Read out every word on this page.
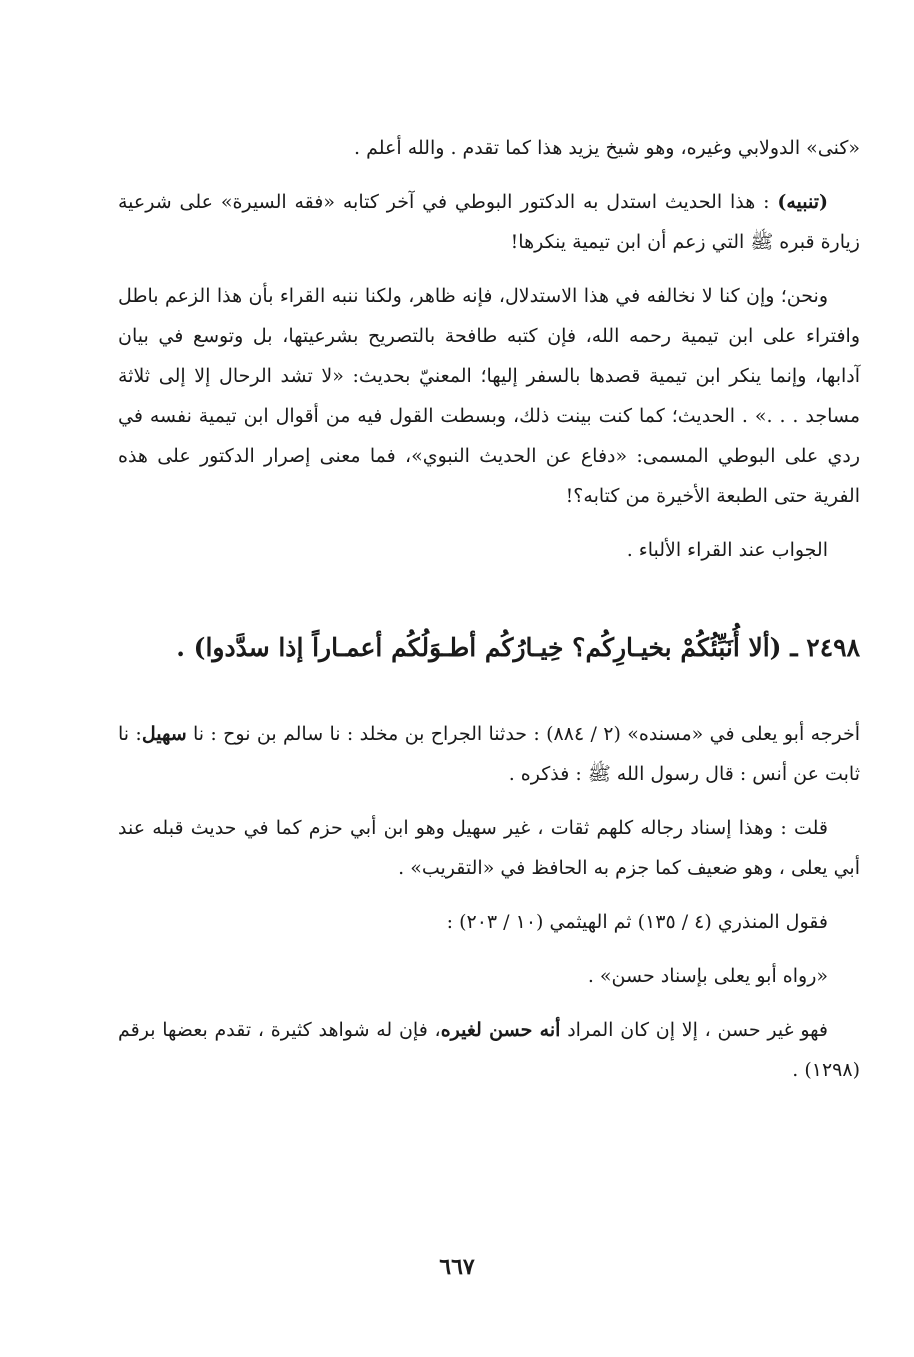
«كنى» الدولابي وغيره، وهو شيخ يزيد هذا كما تقدم . والله أعلم .

(تنبيه) : هذا الحديث استدل به الدكتور البوطي في آخر كتابه «فقه السيرة» على شرعية زيارة قبره ﷺ التي زعم أن ابن تيمية ينكرها!

ونحن؛ وإن كنا لا نخالفه في هذا الاستدلال، فإنه ظاهر، ولكنا ننبه القراء بأن هذا الزعم باطل وافتراء على ابن تيمية رحمه الله، فإن كتبه طافحة بالتصريح بشرعيتها، بل وتوسع في بيان آدابها، وإنما ينكر ابن تيمية قصدها بالسفر إليها؛ المعنيّ بحديث: «لا تشد الرحال إلا إلى ثلاثة مساجد . . .» . الحديث؛ كما كنت بينت ذلك، وبسطت القول فيه من أقوال ابن تيمية نفسه في ردي على البوطي المسمى: «دفاع عن الحديث النبوي»، فما معنى إصرار الدكتور على هذه الفرية حتى الطبعة الأخيرة من كتابه؟!

الجواب عند القراء الألباء .

٢٤٩٨ ـ (ألا أُنَبِّئُكُمْ بخيـارِكُم؟ خِيـارُكُم أطـوَلُكُم أعمـاراً إذا سدَّدوا) .

أخرجه أبو يعلى في «مسنده» (٢ / ٨٨٤) : حدثنا الجراح بن مخلد : نا سالم بن نوح : نا سهيل: نا ثابت عن أنس : قال رسول الله ﷺ : فذكره .

قلت : وهذا إسناد رجاله كلهم ثقات ، غير سهيل وهو ابن أبي حزم كما في حديث قبله عند أبي يعلى ، وهو ضعيف كما جزم به الحافظ في «التقريب» .

فقول المنذري (٤ / ١٣٥) ثم الهيثمي (١٠ / ٢٠٣) :

«رواه أبو يعلى بإسناد حسن» .

فهو غير حسن ، إلا إن كان المراد أنه حسن لغيره، فإن له شواهد كثيرة ، تقدم بعضها برقم (١٢٩٨) .

٦٦٧
